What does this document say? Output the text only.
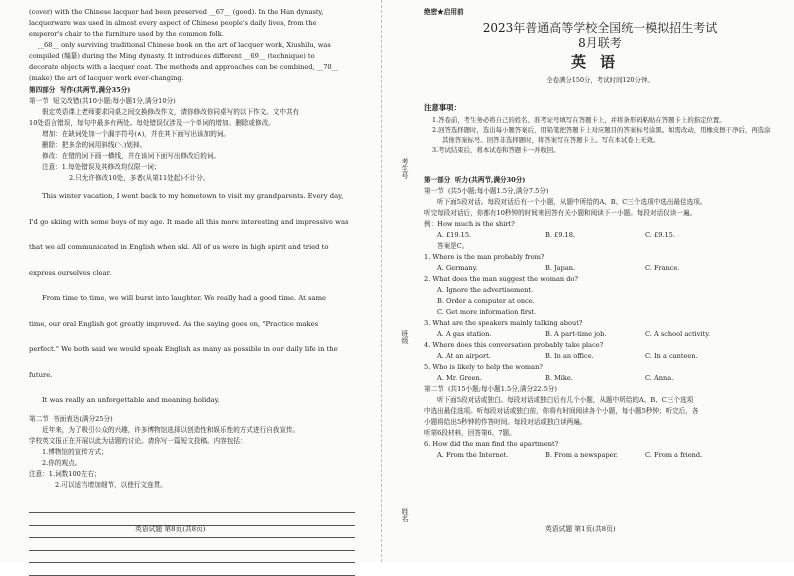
(cover) with the Chinese lacquer had been preserved __67__ (good). In the Han dynasty,

lacquerware was used in almost every aspect of Chinese people's daily lives, from the

emperor's chair to the furniture used by the common folk.

__68__ only surviving traditional Chinese book on the art of lacquer work, Xiushilu, was

compiled (编纂) during the Ming dynasty. It introduces different __69__ (technique) to

decorate objects with a lacquer coat. The methods and approaches can be combined, __70__

(make) the art of lacquer work ever-changing.

第四部分  写作(共两节,满分35分)

第一节  短文改错(共10小题;每小题1分,满分10分)

假定英语课上老师要求同桌之间交换修改作文，请你修改你同桌写的以下作文。文中共有

10处语言错误，每句中最多有两处。每处错误仅涉及一个单词的增加、删除或修改。

增加：在缺词处加一个漏字符号(∧)，并在其下面写出该加的词。

删除：把多余的词用斜线(＼)划掉。

修改：在错的词下画一横线，并在该词下面写出修改后的词。

注意：1.每处错误及其修改均仅限一词；

2.只允许修改10处，多者(从第11处起)不计分。

This winter vacation, I went back to my hometown to visit my grandparents. Every day,
I'd go skiing with some boys of my age. It made all this more interesting and impressive was
that we all communicated in English when ski. All of us were in high spirit and tried to
express ourselves clear.
From time to time, we will burst into laughter. We really had a good time. At same
time, our oral English got greatly improved. As the saying goes on, "Practice makes
perfect." We both said we would speak English as many as possible in our daily life in the
future.
It was really an unforgettable and meaning holiday.

第二节  书面表达(满分25分)

近年来，为了吸引公众的兴趣，许多博物馆选择以创造性和娱乐性的方式进行自我宣传。

学校英文报正在开展以此为话题的讨论。请你写一篇短文投稿。内容包括：

1.博物馆的宣传方式；

2.你的观点。

注意：1.词数100左右；

2.可以适当增加细节，以使行文连贯。

英语试题 第8页(共8页)
考生号
班级
姓名
绝密★启用前
2023年普通高等学校全国统一模拟招生考试
8月联考
英语
全卷满分150分，考试时间120分钟。
注意事项：

1.答卷前，考生务必将自己的姓名、准考证号填写在答题卡上，并将条形码粘贴在答题卡上的指定位置。

2.回答选择题时，选出每小题答案后，用铅笔把答题卡上对应题目的答案标号涂黑。如需改动，用橡皮擦干净后，再选涂其他答案标号。回答非选择题时，将答案写在答题卡上。写在本试卷上无效。

3.考试结束后，将本试卷和答题卡一并收回。

第一部分  听力(共两节,满分30分)

第一节  (共5小题;每小题1.5分,满分7.5分)

听下面5段对话。每段对话后有一个小题，从题中所给的A、B、C三个选项中选出最佳选项。

听完每段对话后，你都有10秒钟的时间来回答有关小题和阅读下一小题。每段对话仅读一遍。

例：How much is the shirt?

A. £19.15.	B. £9.18.	C. £9.15.

答案是C。

1. Where is the man probably from?

A. Germany.	B. Japan.	C. France.

2. What does the man suggest the woman do?

A. Ignore the advertisement.

B. Order a computer at once.

C. Get more information first.

3. What are the speakers mainly talking about?

A. A gas station.	B. A part-time job.	C. A school activity.

4. Where does this conversation probably take place?

A. At an airport.	B. In an office.	C. In a canteen.

5. Who is likely to help the woman?

A. Mr. Green.	B. Mike.	C. Anna.

第二节  (共15小题;每小题1.5分,满分22.5分)

听下面5段对话或独白。每段对话或独白后有几个小题，从题中所给的A、B、C三个选项

中选出最佳选项。听每段对话或独白前，你将有时间阅读各个小题，每小题5秒钟；听完后，各

小题将给出5秒钟的作答时间。每段对话或独白读两遍。

听第6段材料，回答第6、7题。

6. How did the man find the apartment?

A. From the Internet.	B. From a newspaper.	C. From a friend.
英语试题 第1页(共8页)
